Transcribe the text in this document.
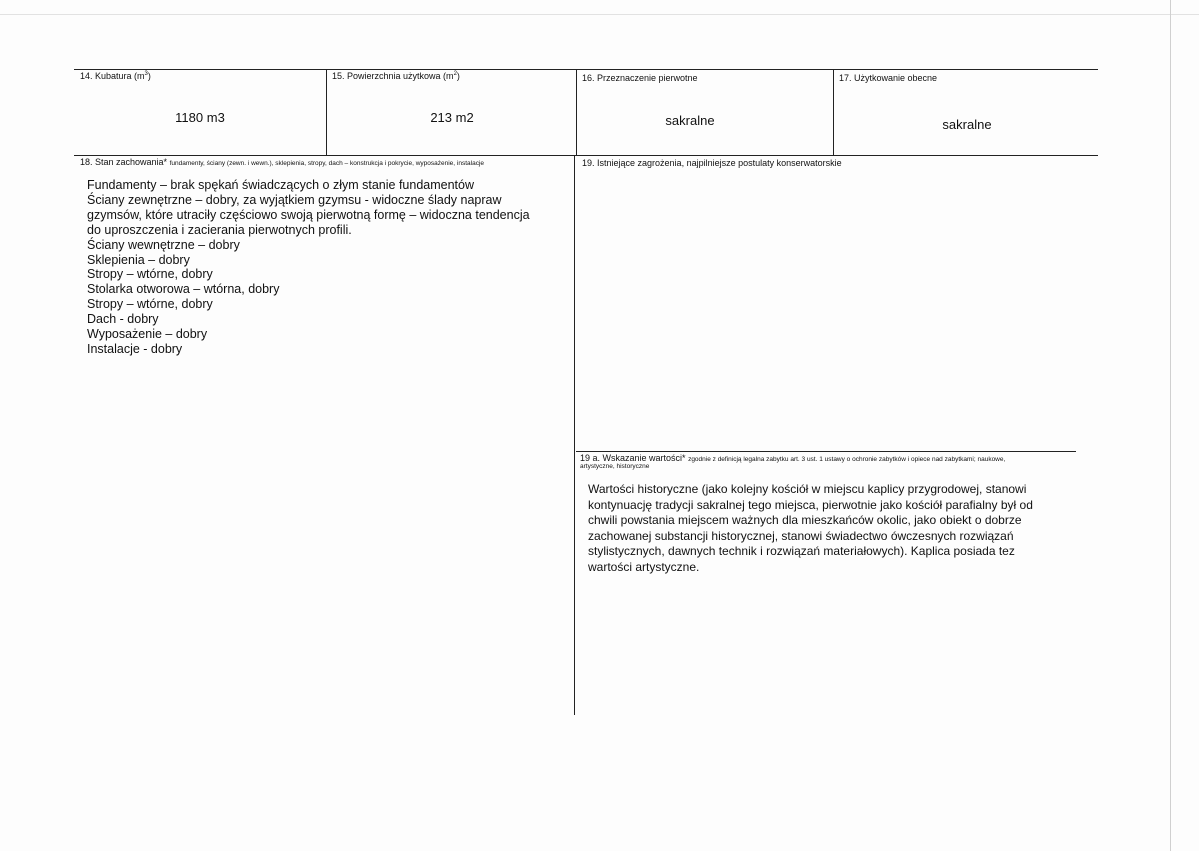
14. Kubatura $(m^3)$
1180 m3
15. Powierzchnia użytkowa $(m^2)$
213 m2
16. Przeznaczenie pierwotne
sakralne
17. Użytkowanie obecne
sakralne
18. Stan zachowania* fundamenty, ściany (zewn. i wewn.), sklepienia, stropy, dach – konstrukcja i pokrycie, wyposażenie, instalacje
Fundamenty – brak spękań świadczących o złym stanie fundamentów
Ściany zewnętrzne – dobry, za wyjątkiem gzymsu - widoczne ślady napraw
gzymsów, które utraciły częściowo swoją pierwotną formę – widoczna tendencja
do uproszczenia i zacierania pierwotnych profili.
Ściany wewnętrzne – dobry
Sklepienia – dobry
Stropy – wtórne, dobry
Stolarka otworowa – wtórna, dobry
Stropy – wtórne, dobry
Dach - dobry
Wyposażenie – dobry
Instalacje - dobry
19. Istniejące zagrożenia, najpilniejsze postulaty konserwatorskie
19 a. Wskazanie wartości* zgodnie z definicją legalna zabytku art. 3 ust. 1 ustawy o ochronie zabytków i opiece nad zabytkami; naukowe,
artystyczne, historyczne
Wartości historyczne (jako kolejny kościół w miejscu kaplicy przygrodowej, stanowi
kontynuację tradycji sakralnej tego miejsca, pierwotnie jako kościół parafialny był od
chwili powstania miejscem ważnych dla mieszkańców okolic, jako obiekt o dobrze
zachowanej substancji historycznej, stanowi świadectwo ówczesnych rozwiązań
stylistycznych, dawnych technik i rozwiązań materiałowych). Kaplica posiada tez
wartości artystyczne.
